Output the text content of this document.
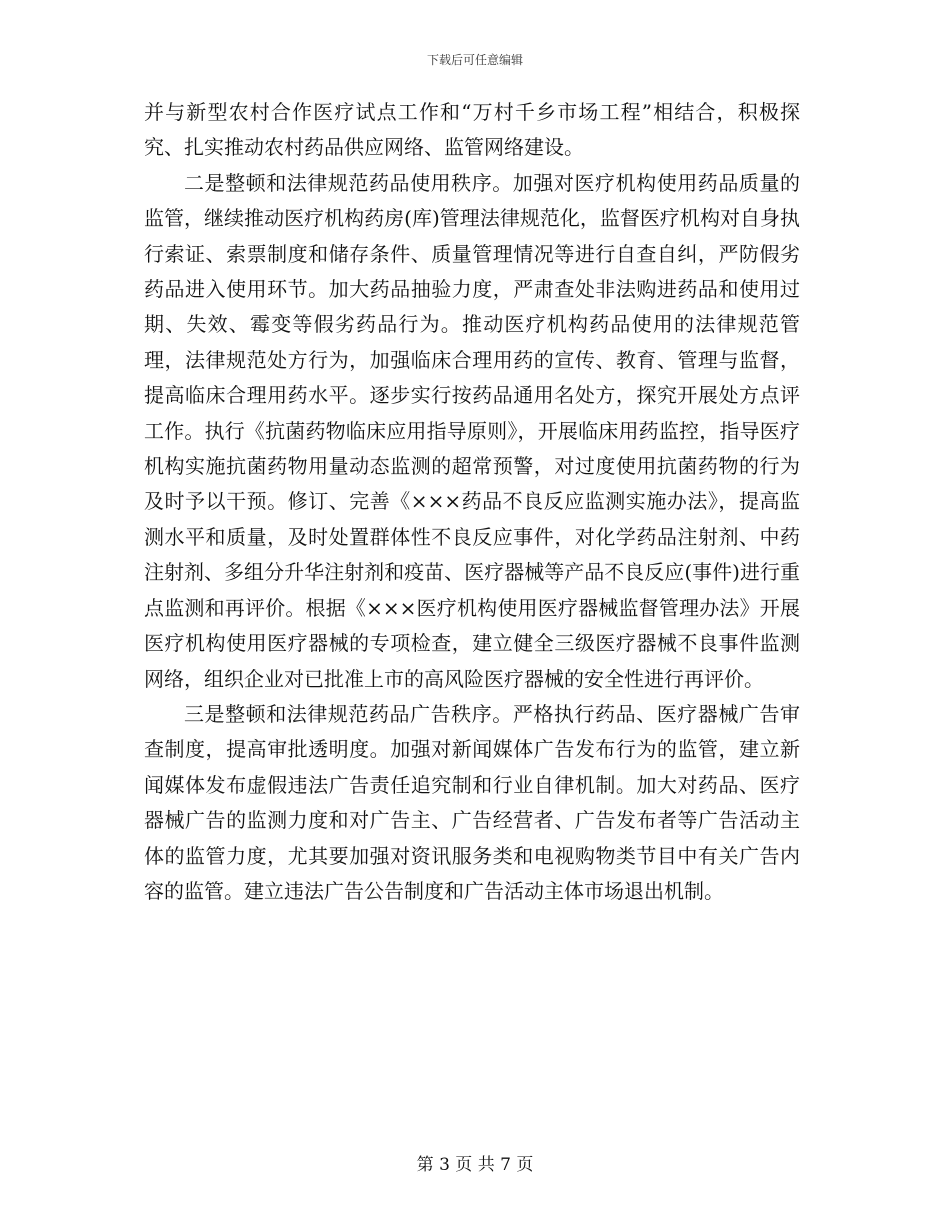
下载后可任意编辑

并与新型农村合作医疗试点工作和“万村千乡市场工程”相结合，积极探究、扎实推动农村药品供应网络、监管网络建设。

二是整顿和法律规范药品使用秩序。加强对医疗机构使用药品质量的监管，继续推动医疗机构药房(库)管理法律规范化，监督医疗机构对自身执行索证、索票制度和储存条件、质量管理情况等进行自查自纠，严防假劣药品进入使用环节。加大药品抽验力度，严肃查处非法购进药品和使用过期、失效、霉变等假劣药品行为。推动医疗机构药品使用的法律规范管理，法律规范处方行为，加强临床合理用药的宣传、教育、管理与监督，提高临床合理用药水平。逐步实行按药品通用名处方，探究开展处方点评工作。执行《抗菌药物临床应用指导原则》，开展临床用药监控，指导医疗机构实施抗菌药物用量动态监测的超常预警，对过度使用抗菌药物的行为及时予以干预。修订、完善《×××药品不良反应监测实施办法》，提高监测水平和质量，及时处置群体性不良反应事件，对化学药品注射剂、中药注射剂、多组分升华注射剂和疫苗、医疗器械等产品不良反应(事件)进行重点监测和再评价。根据《×××医疗机构使用医疗器械监督管理办法》开展医疗机构使用医疗器械的专项检查，建立健全三级医疗器械不良事件监测网络，组织企业对已批准上市的高风险医疗器械的安全性进行再评价。

三是整顿和法律规范药品广告秩序。严格执行药品、医疗器械广告审查制度，提高审批透明度。加强对新闻媒体广告发布行为的监管，建立新闻媒体发布虚假违法广告责任追究制和行业自律机制。加大对药品、医疗器械广告的监测力度和对广告主、广告经营者、广告发布者等广告活动主体的监管力度，尤其要加强对资讯服务类和电视购物类节目中有关广告内容的监管。建立违法广告公告制度和广告活动主体市场退出机制。

第 3 页 共 7 页
